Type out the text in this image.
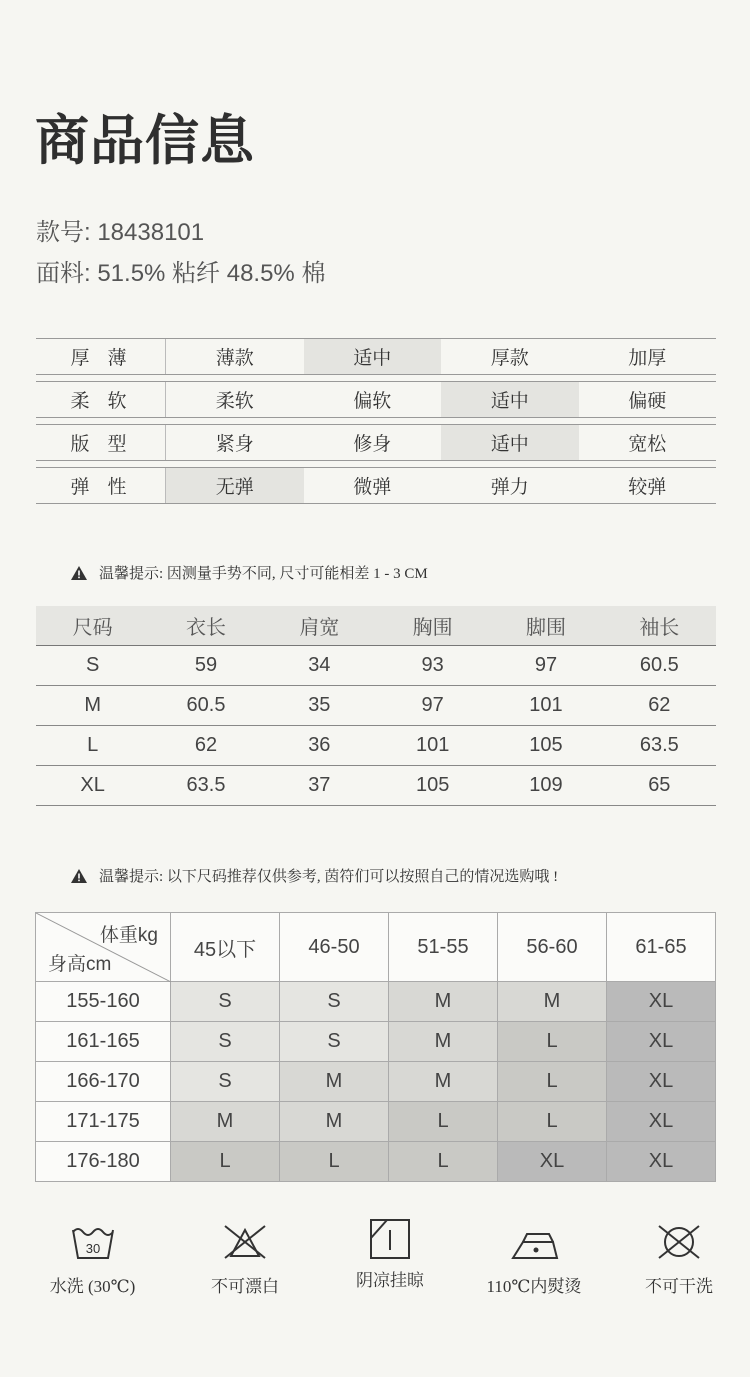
商品信息
款号: 18438101
面料: 51.5% 粘纤 48.5% 棉
厚薄	薄款	适中	厚款	加厚
柔软	柔软	偏软	适中	偏硬
版型	紧身	修身	适中	宽松
弹性	无弹	微弹	弹力	较弹
温馨提示: 因测量手势不同, 尺寸可能相差 1 - 3 CM
尺码	衣长	肩宽	胸围	脚围	袖长
S	59	34	93	97	60.5
M	60.5	35	97	101	62
L	62	36	101	105	63.5
XL	63.5	37	105	109	65
温馨提示: 以下尺码推荐仅供参考, 茵符们可以按照自己的情况选购哦 !
体重kg
身高cm	45以下	46-50	51-55	56-60	61-65
155-160	S	S	M	M	XL
161-165	S	S	M	L	XL
166-170	S	M	M	L	XL
171-175	M	M	L	L	XL
176-180	L	L	L	XL	XL
30
水洗 (30℃)	不可漂白	阴凉挂晾	110℃内熨烫	不可干洗
